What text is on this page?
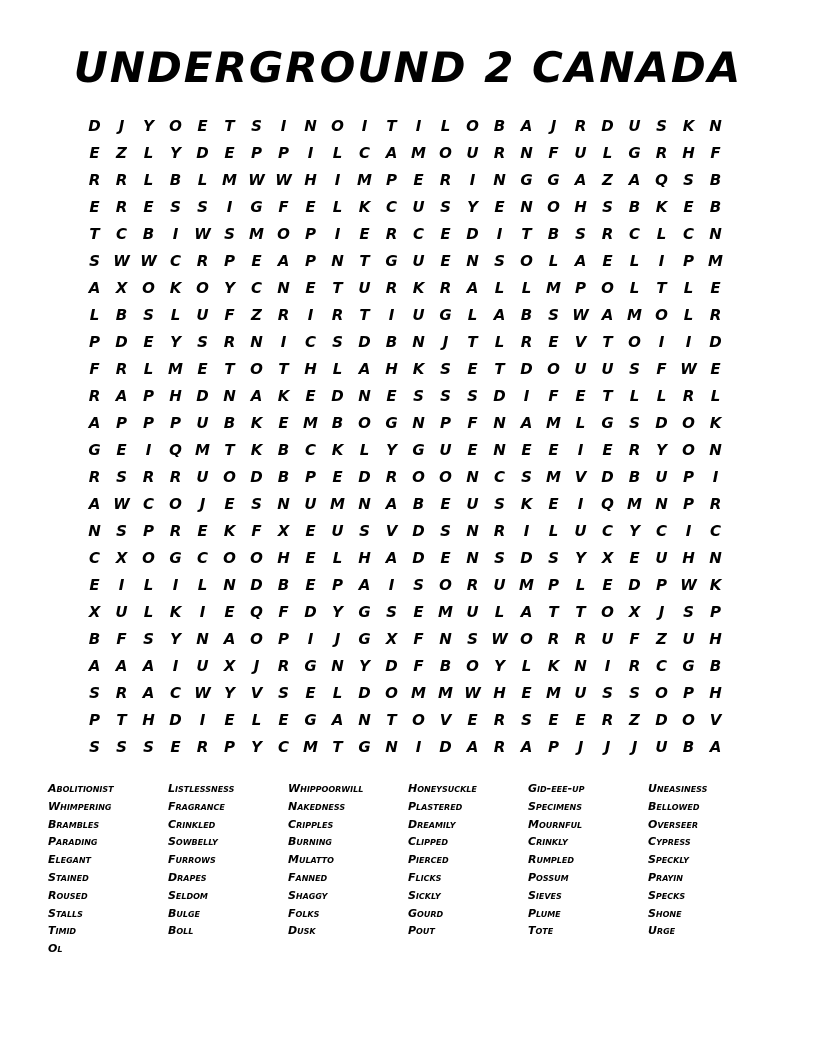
UNDERGROUND 2 CANADA
D	J	Y	O	E	T	S	I	N O	I	T	I	L	O B	A	J	R D U	S	K N
E	Z	L	Y	D	E	P	P	I	L	C	A M O U	R N	F	U	L	G	R H	F
R	R	L	B	L M W W H	I	M P	E	R	I	N G G	A	Z	A Q	S	B
E	R	E	S	S	I	G	F	E	L	K	C	U	S	Y	E	N O H	S	B	K	E	B
T	C	B	I	W S M O	P	I	E	R	C	E	D	I	T	B	S	R	C	L	C	N
S W W C	R	P	E	A	P	N	T	G U	E	N	S	O	L	A	E	L	I	P M
A	X O K O	Y	C	N	E	T	U	R	K	R	A	L	L M P	O	L	T	L	E
L	B	S	L	U	F	Z	R	I	R	T	I	U G	L	A	B	S W A M O	L	R
P	D	E	Y	S	R N	I	C	S	D	B	N	J	T	L	R	E	V	T	O	I	I	D
F	R	L M E	T	O	T	H	L	A H K	S	E	T	D O U U	S	F W E
R	A	P	H D N A	K	E	D N	E	S	S	S	D	I	F	E	T	L	L	R	L
A	P	P	P	U	B	K	E M B O G N	P	F	N A M L	G	S	D O K
G	E	I	Q M T	K	B	C	K	L	Y	G U	E	N	E	E	I	E	R	Y	O N
R	S	R	R	U O D	B	P	E	D	R O O N	C	S M V D	B	U	P	I
A W C	O	J	E	S	N U M N A	B	E	U	S	K	E	I	Q M N	P	R
N	S	P	R	E	K	F	X	E	U	S	V D	S	N R	I	L	U	C	Y	C	I	C
C	X O G	C	O O H	E	L	H A D	E	N	S	D	S	Y	X	E	U H N
E	I	L	I	L	N D	B	E	P	A	I	S	O R	U M P	L	E	D	P W K
X	U	L	K	I	E	Q	F	D	Y	G	S	E M U	L	A	T	T	O X	J	S	P
B	F	S	Y	N A O	P	I	J	G	X	F	N	S W O R	R	U	F	Z	U H
A	A	A	I	U	X	J	R	G N	Y	D	F	B O	Y	L	K N	I	R	C	G	B
S	R	A	C W Y	V	S	E	L	D O M M W H	E M U	S	S	O	P	H
P	T	H D	I	E	L	E	G	A N	T	O V	E	R	S	E	E	R	Z	D O V
S	S	S	E	R	P	Y	C M T	G N	I	D A	R	A	P	J	J	J	U	B	A
Abolitionist
Whimpering
Brambles
Parading
Elegant
Stained
Roused
Stalls
Timid
Ol
Listlessness
Fragrance
Crinkled
Sowbelly
Furrows
Drapes
Seldom
Bulge
Boll
Whippoorwill
Nakedness
Cripples
Burning
Mulatto
Fanned
Shaggy
Folks
Dusk
Honeysuckle
Plastered
Dreamily
Clipped
Pierced
Flicks
Sickly
Gourd
Pout
Gid-eee-up
Specimens
Mournful
Crinkly
Rumpled
Possum
Sieves
Plume
Tote
Uneasiness
Bellowed
Overseer
Cypress
Speckly
Prayin
Specks
Shone
Urge
